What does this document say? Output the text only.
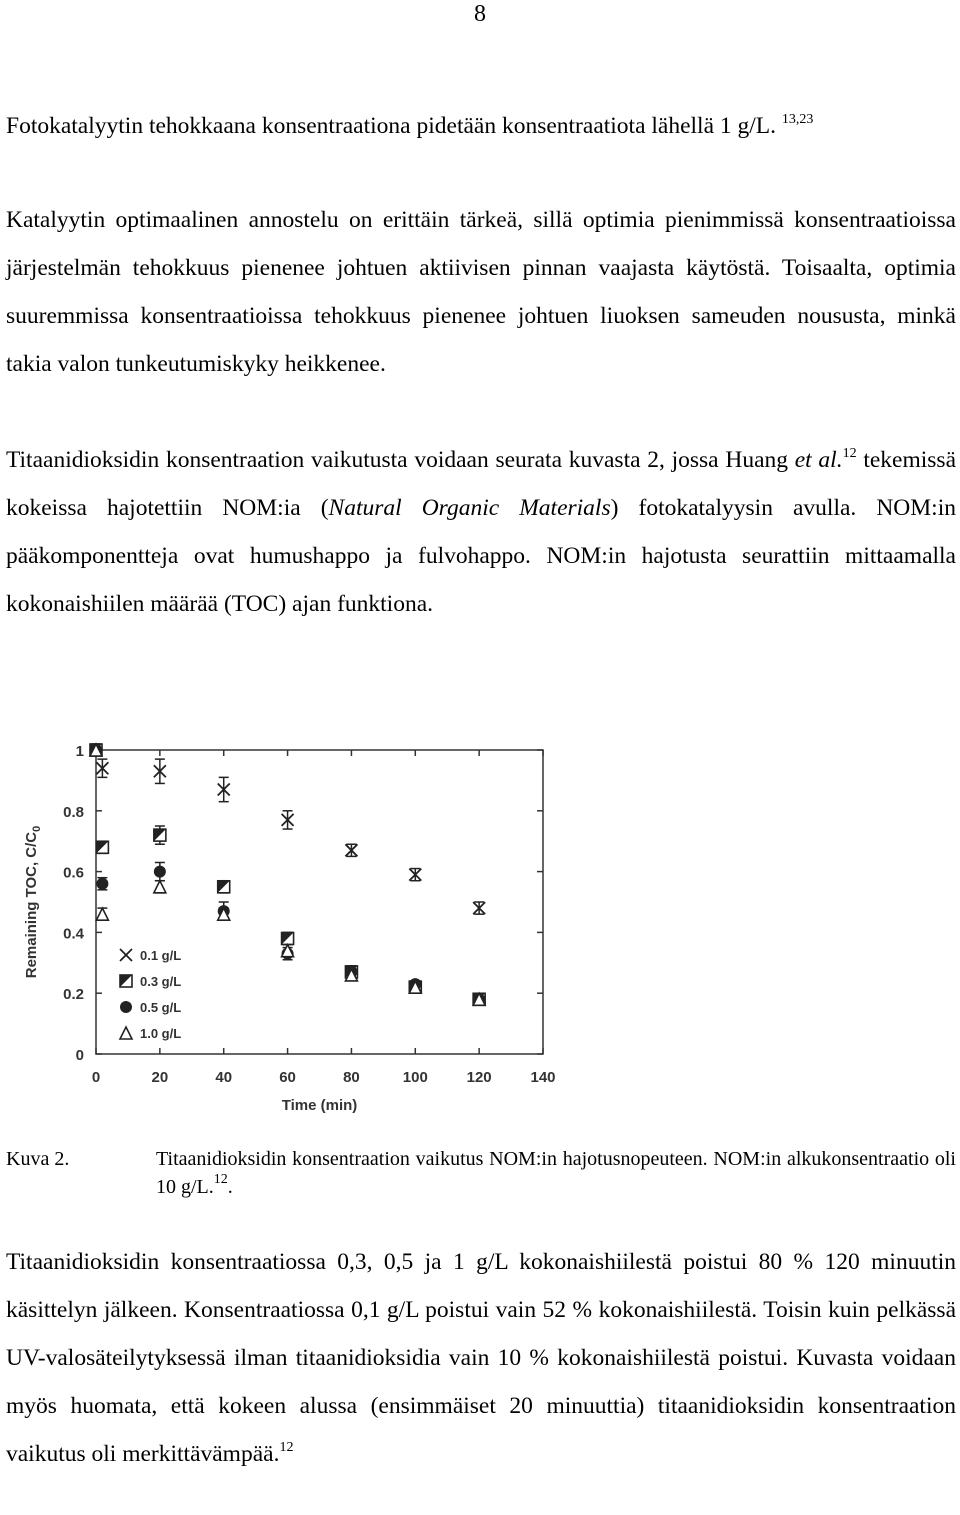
8

Fotokatalyytin tehokkaana konsentraationa pidetään konsentraatiota lähellä 1 g/L. $^{13,23}$

Katalyytin optimaalinen annostelu on erittäin tärkeä, sillä optimia pienimmissä konsentraatioissa järjestelmän tehokkuus pienenee johtuen aktiivisen pinnan vaajasta käytöstä. Toisaalta, optimia suuremmissa konsentraatioissa tehokkuus pienenee johtuen liuoksen sameuden noususta, minkä takia valon tunkeutumiskyky heikkenee.

Titaanidioksidin konsentraation vaikutusta voidaan seurata kuvasta 2, jossa Huang et al.$^{12}$ tekemissä kokeissa hajotettiin NOM:ia (Natural Organic Materials) fotokatalyysin avulla. NOM:in pääkomponentteja ovat humushappo ja fulvohappo. NOM:in hajotusta seurattiin mittaamalla kokonaishiilen määrää (TOC) ajan funktiona.

0
0.2
0.4
0.6
0.8
1
0	20	40	60	80	100	120	140
Time (min)
Remaining TOC, $C/C_0$
0.1 g/L
0.3 g/L
0.5 g/L
1.0 g/L
Kuva 2.	Titaanidioksidin konsentraation vaikutus NOM:in hajotusnopeuteen. NOM:in alkukonsentraatio oli 10 g/L.$^{12}$.

Titaanidioksidin konsentraatiossa 0,3, 0,5 ja 1 g/L kokonaishiilestä poistui 80 % 120 minuutin käsittelyn jälkeen. Konsentraatiossa 0,1 g/L poistui vain 52 % kokonaishiilestä. Toisin kuin pelkässä UV-valosäteilytyksessä ilman titaanidioksidia vain 10 % kokonaishiilestä poistui. Kuvasta voidaan myös huomata, että kokeen alussa (ensimmäiset 20 minuuttia) titaanidioksidin konsentraation vaikutus oli merkittävämpää.$^{12}$
